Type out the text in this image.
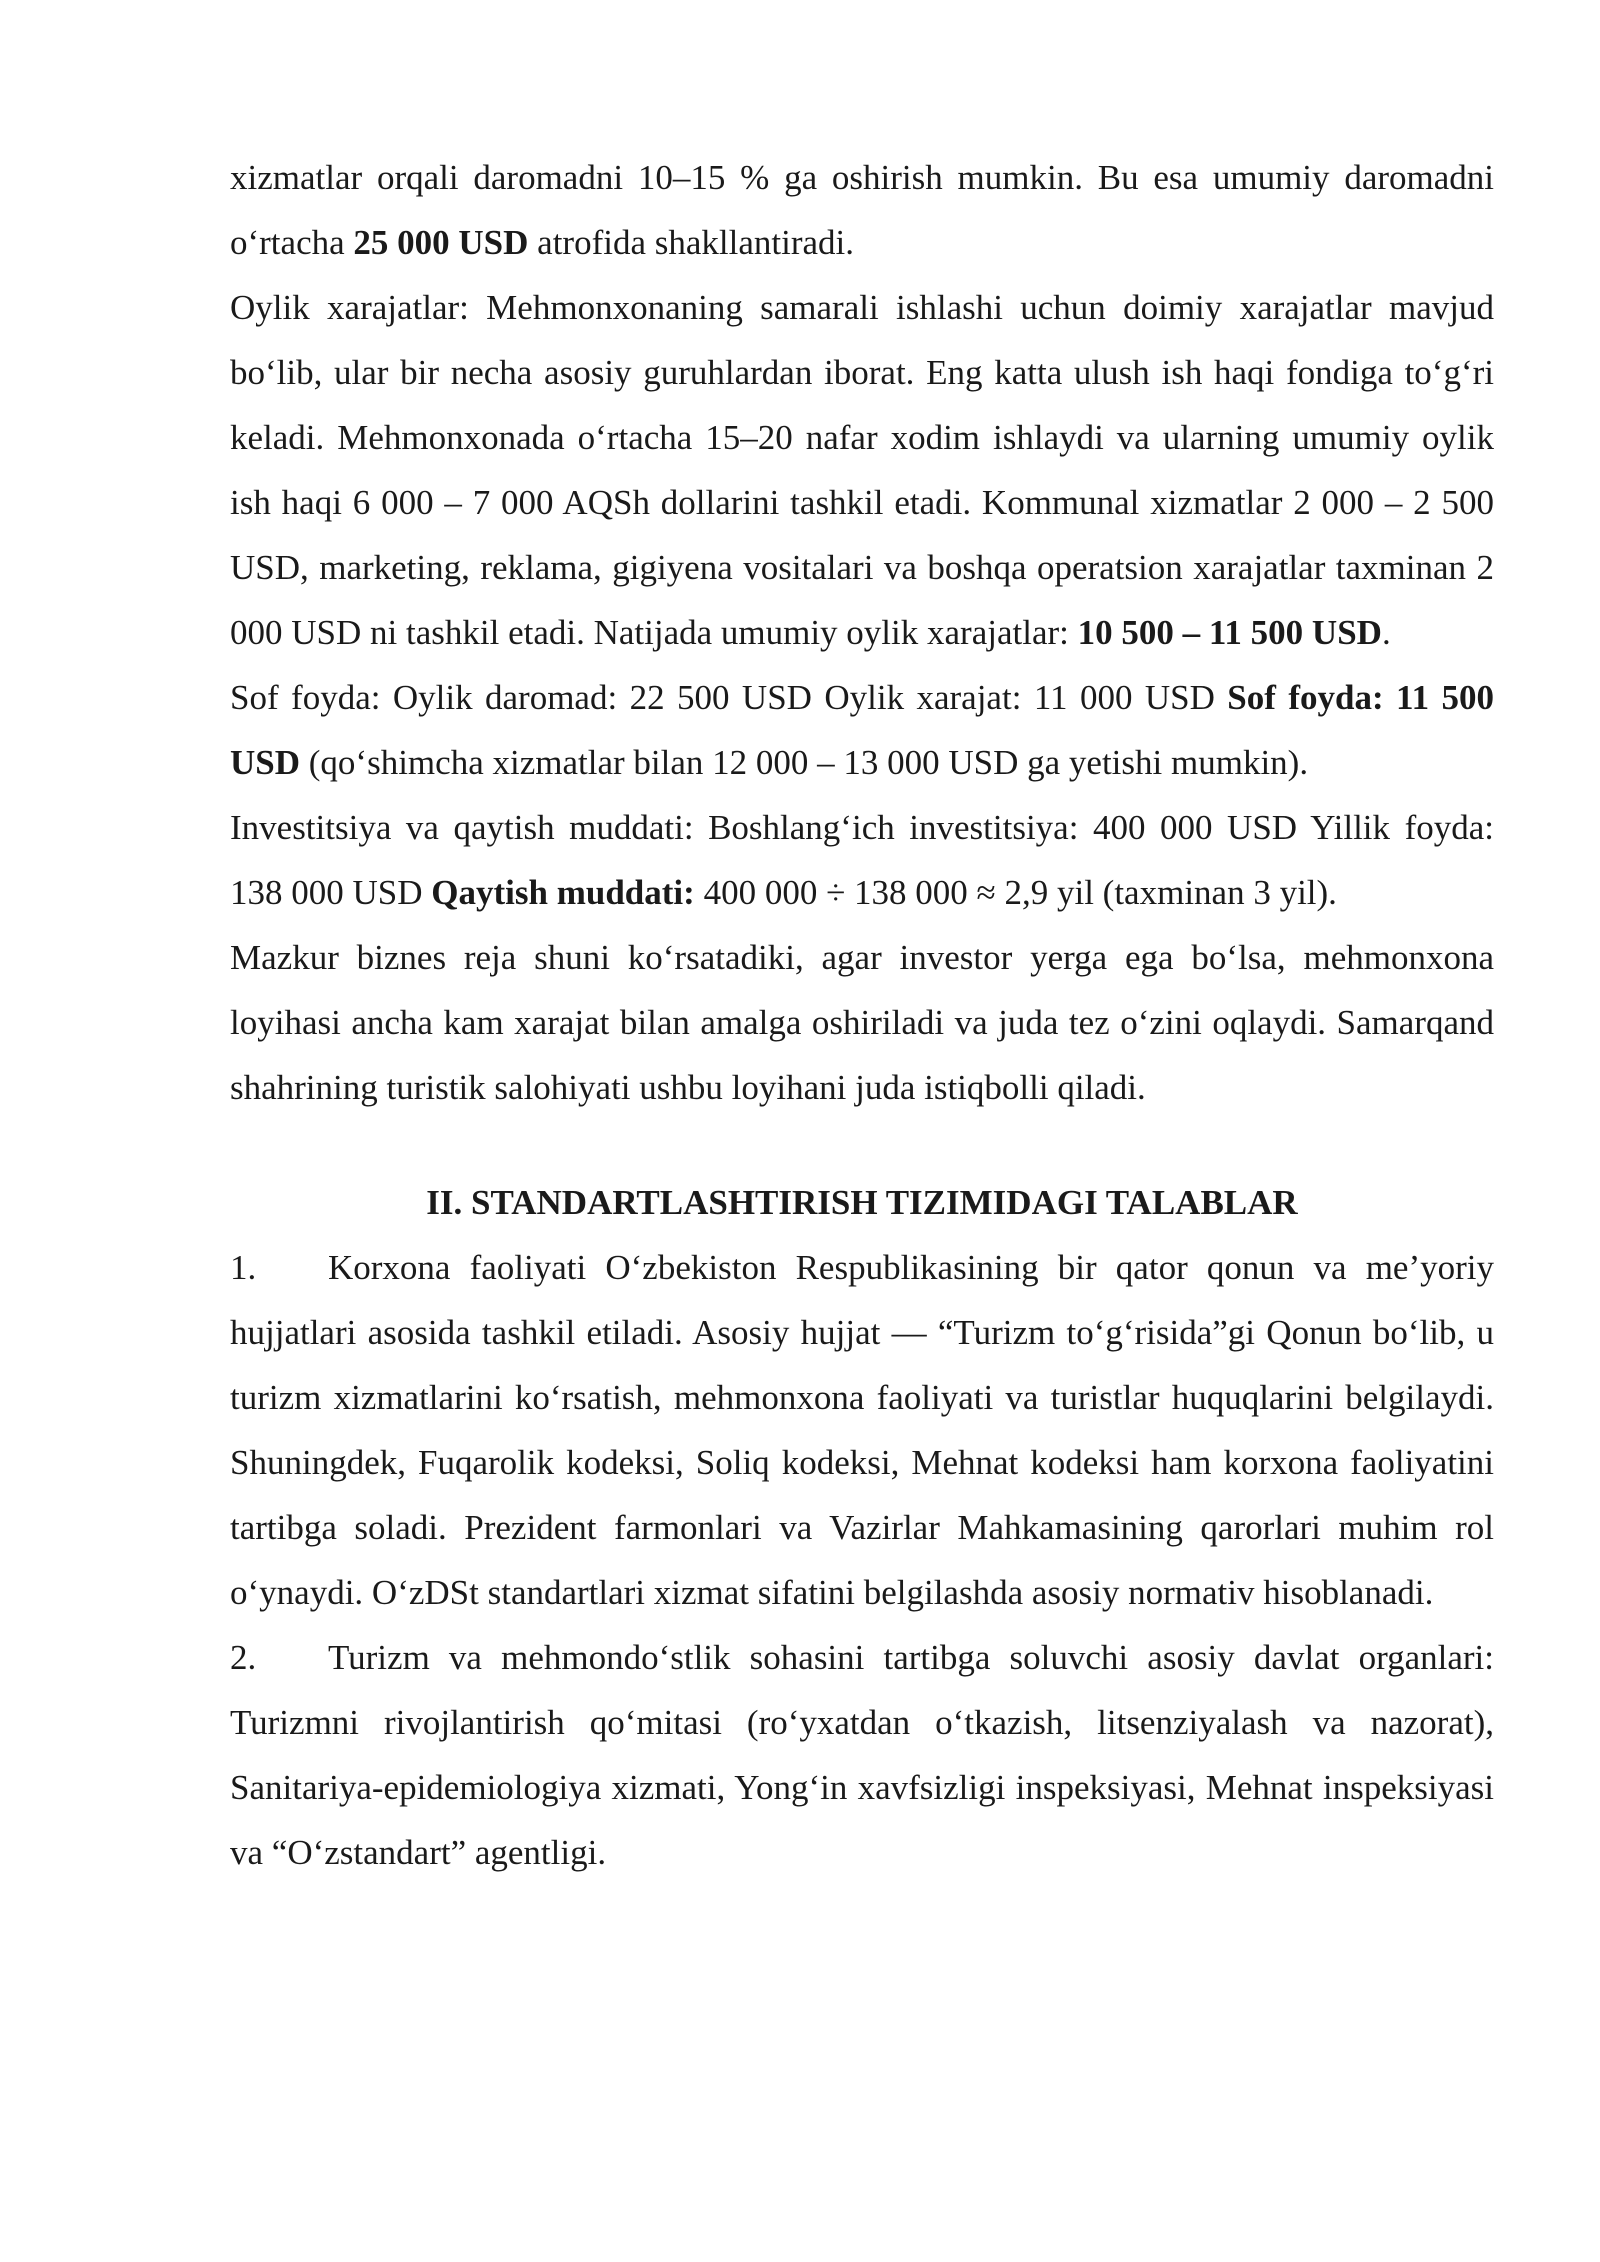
xizmatlar orqali daromadni 10–15 % ga oshirish mumkin. Bu esa umumiy daromadni o‘rtacha 25 000 USD atrofida shakllantiradi.

Oylik xarajatlar: Mehmonxonaning samarali ishlashi uchun doimiy xarajatlar mavjud bo‘lib, ular bir necha asosiy guruhlardan iborat. Eng katta ulush ish haqi fondiga to‘g‘ri keladi. Mehmonxonada o‘rtacha 15–20 nafar xodim ishlaydi va ularning umumiy oylik ish haqi 6 000 – 7 000 AQSh dollarini tashkil etadi. Kommunal xizmatlar 2 000 – 2 500 USD, marketing, reklama, gigiyena vositalari va boshqa operatsion xarajatlar taxminan 2 000 USD ni tashkil etadi. Natijada umumiy oylik xarajatlar: 10 500 – 11 500 USD.

Sof foyda: Oylik daromad: 22 500 USD Oylik xarajat: 11 000 USD Sof foyda: 11 500 USD (qo‘shimcha xizmatlar bilan 12 000 – 13 000 USD ga yetishi mumkin).

Investitsiya va qaytish muddati: Boshlang‘ich investitsiya: 400 000 USD Yillik foyda: 138 000 USD Qaytish muddati: 400 000 ÷ 138 000 ≈ 2,9 yil (taxminan 3 yil).

Mazkur biznes reja shuni ko‘rsatadiki, agar investor yerga ega bo‘lsa, mehmonxona loyihasi ancha kam xarajat bilan amalga oshiriladi va juda tez o‘zini oqlaydi. Samarqand shahrining turistik salohiyati ushbu loyihani juda istiqbolli qiladi.

II. STANDARTLASHTIRISH TIZIMIDAGI TALABLAR

1. Korxona faoliyati O‘zbekiston Respublikasining bir qator qonun va me’yoriy hujjatlari asosida tashkil etiladi. Asosiy hujjat — “Turizm to‘g‘risida”gi Qonun bo‘lib, u turizm xizmatlarini ko‘rsatish, mehmonxona faoliyati va turistlar huquqlarini belgilaydi. Shuningdek, Fuqarolik kodeksi, Soliq kodeksi, Mehnat kodeksi ham korxona faoliyatini tartibga soladi. Prezident farmonlari va Vazirlar Mahkamasining qarorlari muhim rol o‘ynaydi. O‘zDSt standartlari xizmat sifatini belgilashda asosiy normativ hisoblanadi.

2. Turizm va mehmondo‘stlik sohasini tartibga soluvchi asosiy davlat organlari: Turizmni rivojlantirish qo‘mitasi (ro‘yxatdan o‘tkazish, litsenziyalash va nazorat), Sanitariya-epidemiologiya xizmati, Yong‘in xavfsizligi inspeksiyasi, Mehnat inspeksiyasi va “O‘zstandart” agentligi.
